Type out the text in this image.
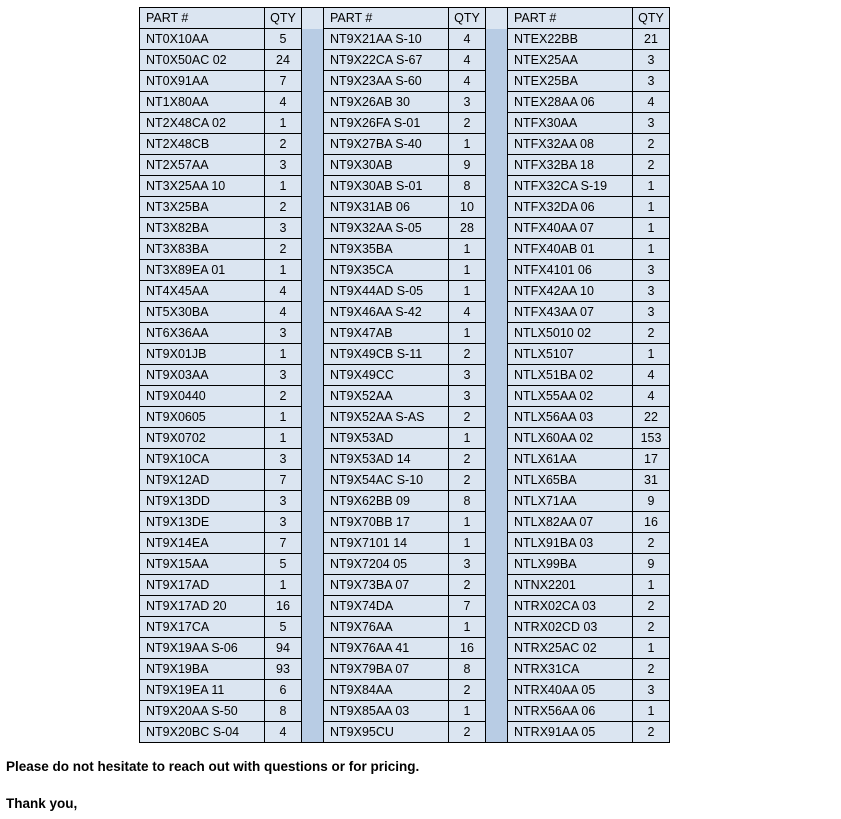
PART #	QTY		PART #	QTY		PART #	QTY
NT0X10AA	5		NT9X21AA S-10	4		NTEX22BB	21
NT0X50AC 02	24		NT9X22CA S-67	4		NTEX25AA	3
NT0X91AA	7		NT9X23AA S-60	4		NTEX25BA	3
NT1X80AA	4		NT9X26AB 30	3		NTEX28AA 06	4
NT2X48CA 02	1		NT9X26FA S-01	2		NTFX30AA	3
NT2X48CB	2		NT9X27BA S-40	1		NTFX32AA 08	2
NT2X57AA	3		NT9X30AB	9		NTFX32BA 18	2
NT3X25AA 10	1		NT9X30AB S-01	8		NTFX32CA S-19	1
NT3X25BA	2		NT9X31AB 06	10		NTFX32DA 06	1
NT3X82BA	3		NT9X32AA S-05	28		NTFX40AA 07	1
NT3X83BA	2		NT9X35BA	1		NTFX40AB 01	1
NT3X89EA 01	1		NT9X35CA	1		NTFX4101 06	3
NT4X45AA	4		NT9X44AD S-05	1		NTFX42AA 10	3
NT5X30BA	4		NT9X46AA S-42	4		NTFX43AA 07	3
NT6X36AA	3		NT9X47AB	1		NTLX5010 02	2
NT9X01JB	1		NT9X49CB S-11	2		NTLX5107	1
NT9X03AA	3		NT9X49CC	3		NTLX51BA 02	4
NT9X0440	2		NT9X52AA	3		NTLX55AA 02	4
NT9X0605	1		NT9X52AA S-AS	2		NTLX56AA 03	22
NT9X0702	1		NT9X53AD	1		NTLX60AA 02	153
NT9X10CA	3		NT9X53AD 14	2		NTLX61AA	17
NT9X12AD	7		NT9X54AC S-10	2		NTLX65BA	31
NT9X13DD	3		NT9X62BB 09	8		NTLX71AA	9
NT9X13DE	3		NT9X70BB 17	1		NTLX82AA 07	16
NT9X14EA	7		NT9X7101 14	1		NTLX91BA 03	2
NT9X15AA	5		NT9X7204 05	3		NTLX99BA	9
NT9X17AD	1		NT9X73BA 07	2		NTNX2201	1
NT9X17AD 20	16		NT9X74DA	7		NTRX02CA 03	2
NT9X17CA	5		NT9X76AA	1		NTRX02CD 03	2
NT9X19AA S-06	94		NT9X76AA 41	16		NTRX25AC 02	1
NT9X19BA	93		NT9X79BA 07	8		NTRX31CA	2
NT9X19EA 11	6		NT9X84AA	2		NTRX40AA 05	3
NT9X20AA S-50	8		NT9X85AA 03	1		NTRX56AA 06	1
NT9X20BC S-04	4		NT9X95CU	2		NTRX91AA 05	2
Please do not hesitate to reach out with questions or for pricing.
Thank you,
